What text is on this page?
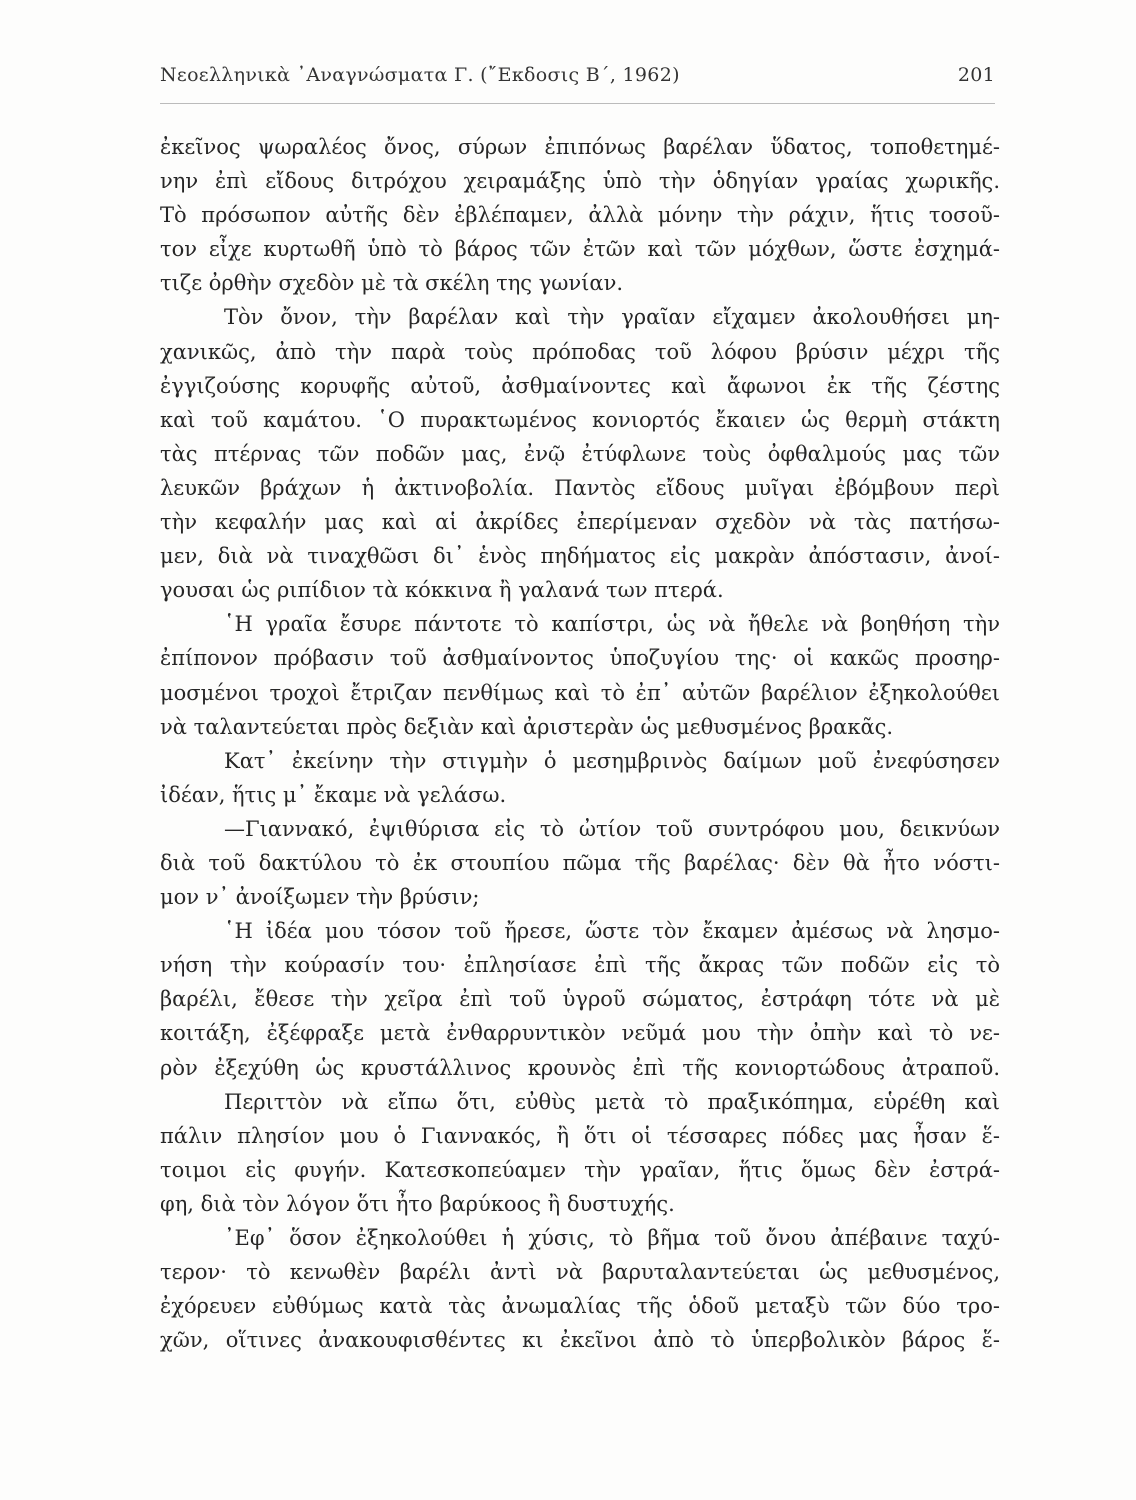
Νεοελληνικὰ ᾿Αναγνώσματα Γ. (῎Εκδοσις Β΄, 1962)	201
ἐκεῖνος ψωραλέος ὄνος, σύρων ἐπιπόνως βαρέλαν ὕδατος, τοποθετημέ-
νην ἐπὶ εἴδους διτρόχου χειραμάξης ὑπὸ τὴν ὁδηγίαν γραίας χωρικῆς.
Τὸ πρόσωπον αὐτῆς δὲν ἐβλέπαμεν, ἀλλὰ μόνην τὴν ράχιν, ἥτις τοσοῦ-
τον εἶχε κυρτωθῆ ὑπὸ τὸ βάρος τῶν ἐτῶν καὶ τῶν μόχθων, ὥστε ἐσχημά-
τιζε ὀρθὴν σχεδὸν μὲ τὰ σκέλη της γωνίαν.
Τὸν ὄνον, τὴν βαρέλαν καὶ τὴν γραῖαν εἴχαμεν ἀκολουθήσει μη-
χανικῶς, ἀπὸ τὴν παρὰ τοὺς πρόποδας τοῦ λόφου βρύσιν μέχρι τῆς
ἐγγιζούσης κορυφῆς αὐτοῦ, ἀσθμαίνοντες καὶ ἄφωνοι ἐκ τῆς ζέστης
καὶ τοῦ καμάτου. ῾Ο πυρακτωμένος κονιορτός ἔκαιεν ὡς θερμὴ στάκτη
τὰς πτέρνας τῶν ποδῶν μας, ἐνῷ ἐτύφλωνε τοὺς ὀφθαλμούς μας τῶν
λευκῶν βράχων ἡ ἀκτινοβολία. Παντὸς εἴδους μυῖγαι ἐβόμβουν περὶ
τὴν κεφαλήν μας καὶ αἱ ἀκρίδες ἐπερίμεναν σχεδὸν νὰ τὰς πατήσω-
μεν, διὰ νὰ τιναχθῶσι δι᾿ ἑνὸς πηδήματος εἰς μακρὰν ἀπόστασιν, ἀνοί-
γουσαι ὡς ριπίδιον τὰ κόκκινα ἢ γαλανά των πτερά.
῾Η γραῖα ἔσυρε πάντοτε τὸ καπίστρι, ὡς νὰ ἤθελε νὰ βοηθήση τὴν
ἐπίπονον πρόβασιν τοῦ ἀσθμαίνοντος ὑποζυγίου της· οἱ κακῶς προσηρ-
μοσμένοι τροχοὶ ἔτριζαν πενθίμως καὶ τὸ ἐπ᾿ αὐτῶν βαρέλιον ἐξηκολούθει
νὰ ταλαντεύεται πρὸς δεξιὰν καὶ ἀριστερὰν ὡς μεθυσμένος βρακᾶς.
Κατ᾿ ἐκείνην τὴν στιγμὴν ὁ μεσημβρινὸς δαίμων μοῦ ἐνεφύσησεν
ἰδέαν, ἥτις μ᾿ ἔκαμε νὰ γελάσω.
—Γιαννακό, ἐψιθύρισα εἰς τὸ ὠτίον τοῦ συντρόφου μου, δεικνύων
διὰ τοῦ δακτύλου τὸ ἐκ στουπίου πῶμα τῆς βαρέλας· δὲν θὰ ἦτο νόστι-
μον ν᾿ ἀνοίξωμεν τὴν βρύσιν;
῾Η ἰδέα μου τόσον τοῦ ἤρεσε, ὥστε τὸν ἔκαμεν ἀμέσως νὰ λησμο-
νήση τὴν κούρασίν του· ἐπλησίασε ἐπὶ τῆς ἄκρας τῶν ποδῶν εἰς τὸ
βαρέλι, ἔθεσε τὴν χεῖρα ἐπὶ τοῦ ὑγροῦ σώματος, ἐστράφη τότε νὰ μὲ
κοιτάξη, ἐξέφραξε μετὰ ἐνθαρρυντικὸν νεῦμά μου τὴν ὀπὴν καὶ τὸ νε-
ρὸν ἐξεχύθη ὡς κρυστάλλινος κρουνὸς ἐπὶ τῆς κονιορτώδους ἀτραποῦ.
Περιττὸν νὰ εἴπω ὅτι, εὐθὺς μετὰ τὸ πραξικόπημα, εὑρέθη καὶ
πάλιν πλησίον μου ὁ Γιαννακός, ἢ ὅτι οἱ τέσσαρες πόδες μας ἦσαν ἕ-
τοιμοι εἰς φυγήν. Κατεσκοπεύαμεν τὴν γραῖαν, ἥτις ὅμως δὲν ἐστρά-
φη, διὰ τὸν λόγον ὅτι ἦτο βαρύκοος ἢ δυστυχής.
᾿Εφ᾿ ὅσον ἐξηκολούθει ἡ χύσις, τὸ βῆμα τοῦ ὄνου ἀπέβαινε ταχύ-
τερον· τὸ κενωθὲν βαρέλι ἀντὶ νὰ βαρυταλαντεύεται ὡς μεθυσμένος,
ἐχόρευεν εὐθύμως κατὰ τὰς ἀνωμαλίας τῆς ὁδοῦ μεταξὺ τῶν δύο τρο-
χῶν, οἵτινες ἀνακουφισθέντες κι ἐκεῖνοι ἀπὸ τὸ ὑπερβολικὸν βάρος ἕ-
